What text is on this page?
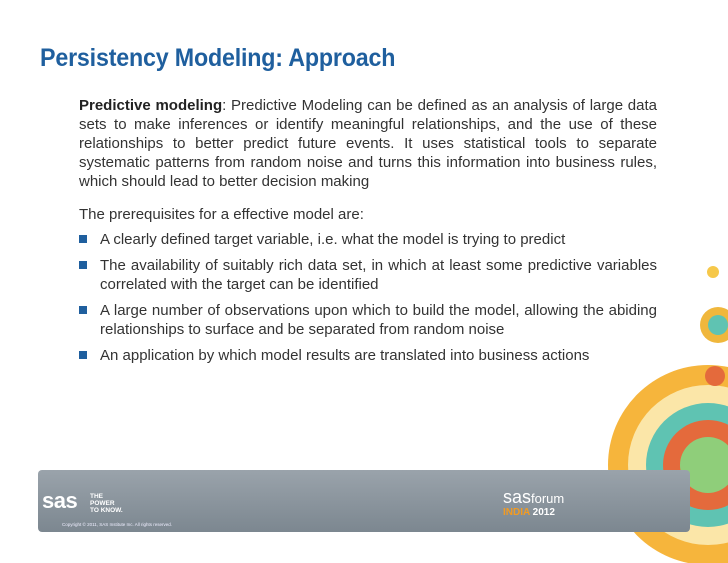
Persistency Modeling: Approach
Predictive modeling: Predictive Modeling can be defined as an analysis of large data sets to make inferences or identify meaningful relationships, and the use of these relationships to better predict future events. It uses statistical tools to separate systematic patterns from random noise and turns this information into business rules, which should lead to better decision making
The prerequisites for a effective model are:
A clearly defined target variable, i.e. what the model is trying to predict
The availability of suitably rich data set, in which at least some predictive variables correlated with the target can be identified
A large number of observations upon which to build the model, allowing the abiding relationships to surface and be separated from random noise
An application by which model results are translated into business actions
sas THE
POWER
TO KNOW.
Copyright © 2011, SAS Institute Inc. All rights reserved.
sasforum
INDIA 2012
